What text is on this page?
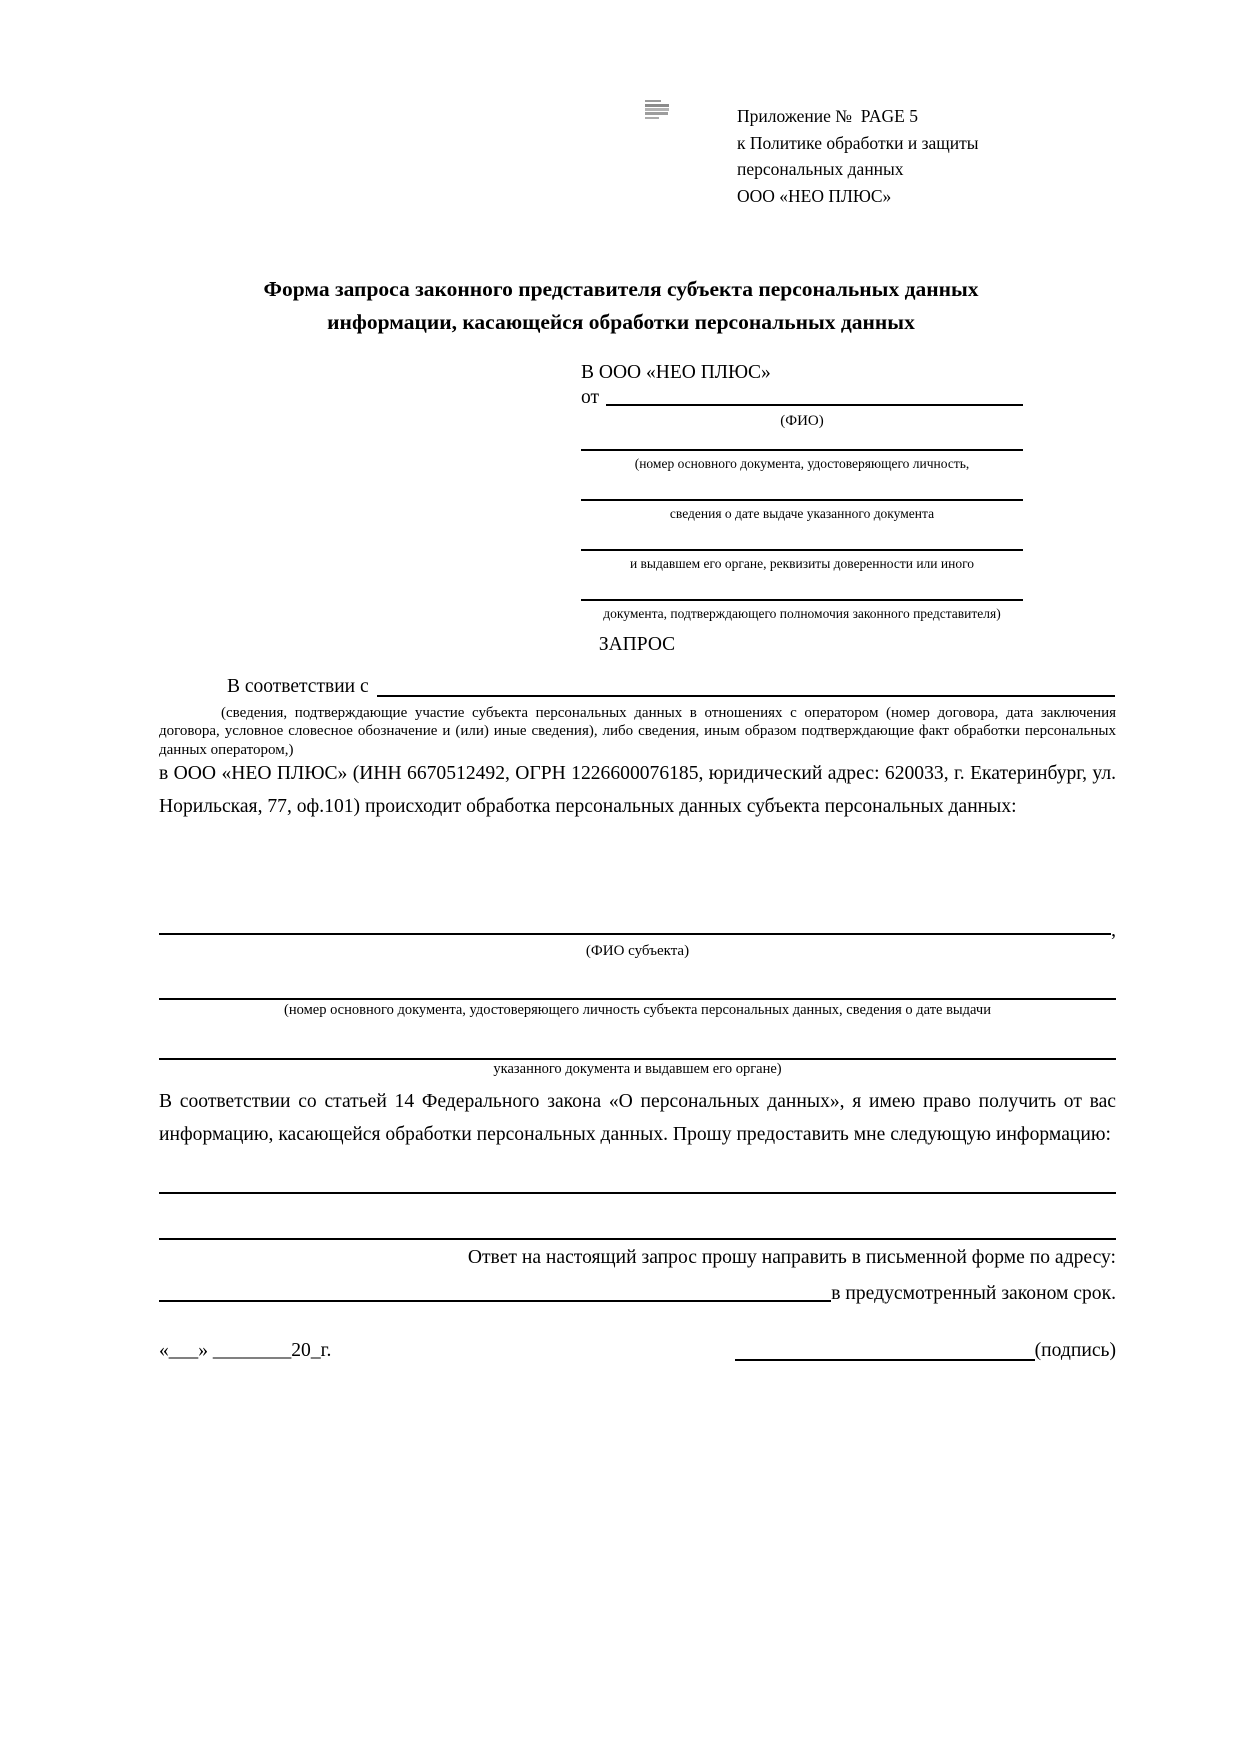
Приложение №  PAGE 5
к Политике обработки и защиты
персональных данных
ООО «НЕО ПЛЮС»
Форма запроса законного представителя субъекта персональных данных
информации, касающейся обработки персональных данных
В ООО «НЕО ПЛЮС»
от
(ФИО)
(номер основного документа, удостоверяющего личность,
сведения о дате выдаче указанного документа
и выдавшем его органе, реквизиты доверенности или иного
документа, подтверждающего полномочия законного представителя)
ЗАПРОС
В соответствии с
(сведения, подтверждающие участие субъекта персональных данных в отношениях с оператором (номер договора, дата заключения договора, условное словесное обозначение и (или) иные сведения), либо сведения, иным образом подтверждающие факт обработки персональных данных оператором,)
в ООО «НЕО ПЛЮС» (ИНН 6670512492, ОГРН 1226600076185, юридический адрес: 620033, г. Екатеринбург, ул. Норильская, 77, оф.101) происходит обработка персональных данных субъекта персональных данных:
,
(ФИО субъекта)
(номер основного документа, удостоверяющего личность субъекта персональных данных, сведения о дате выдачи
указанного документа и выдавшем его органе)
В соответствии со статьей 14 Федерального закона «О персональных данных», я имею право получить от вас информацию, касающейся обработки персональных данных. Прошу предоставить мне следующую информацию:
Ответ на настоящий запрос прошу направить в письменной форме по адресу:
в предусмотренный законом срок.
«___» ________20_г.	(подпись)
